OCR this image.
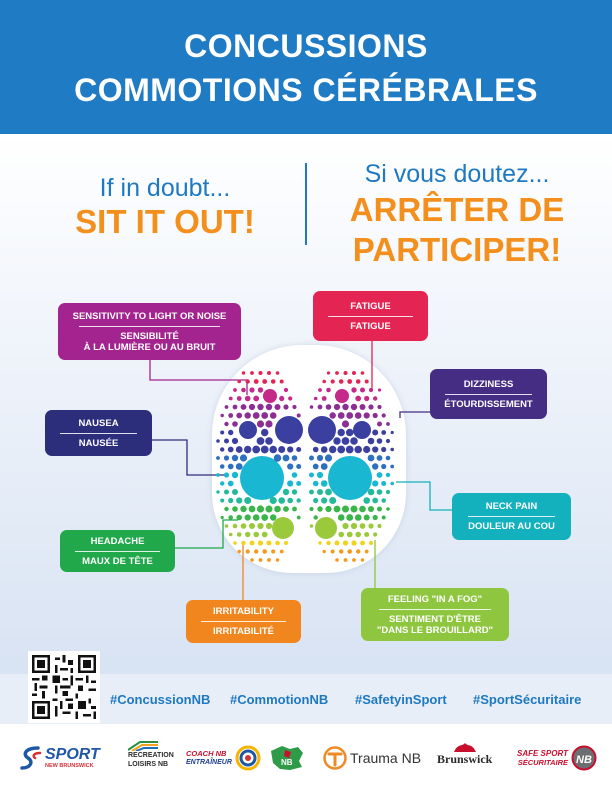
CONCUSSIONS
COMMOTIONS CÉRÉBRALES
If in doubt...
SIT IT OUT!
Si vous doutez...
ARRÊTER DE
PARTICIPER!
SENSITIVITY TO LIGHT OR NOISE
SENSIBILITÉ
À LA LUMIÈRE OU AU BRUIT
FATIGUE
FATIGUE
DIZZINESS
ÉTOURDISSEMENT
NAUSEA
NAUSÉE
NECK PAIN
DOULEUR AU COU
HEADACHE
MAUX DE TÊTE
IRRITABILITY
IRRITABILITÉ
FEELING "IN A FOG"
SENTIMENT D'ÊTRE
"DANS LE BROUILLARD"
#ConcussionNB #CommotionNB #SafetyinSport #SportSécuritaire
SPORT
NEW BRUNSWICK
RECREATION
LOISIRS NB
COACH NB
ENTRAÎNEUR	NB	Trauma NB Brunswick	SAFE SPORT
SÉCURITAIRE NB
